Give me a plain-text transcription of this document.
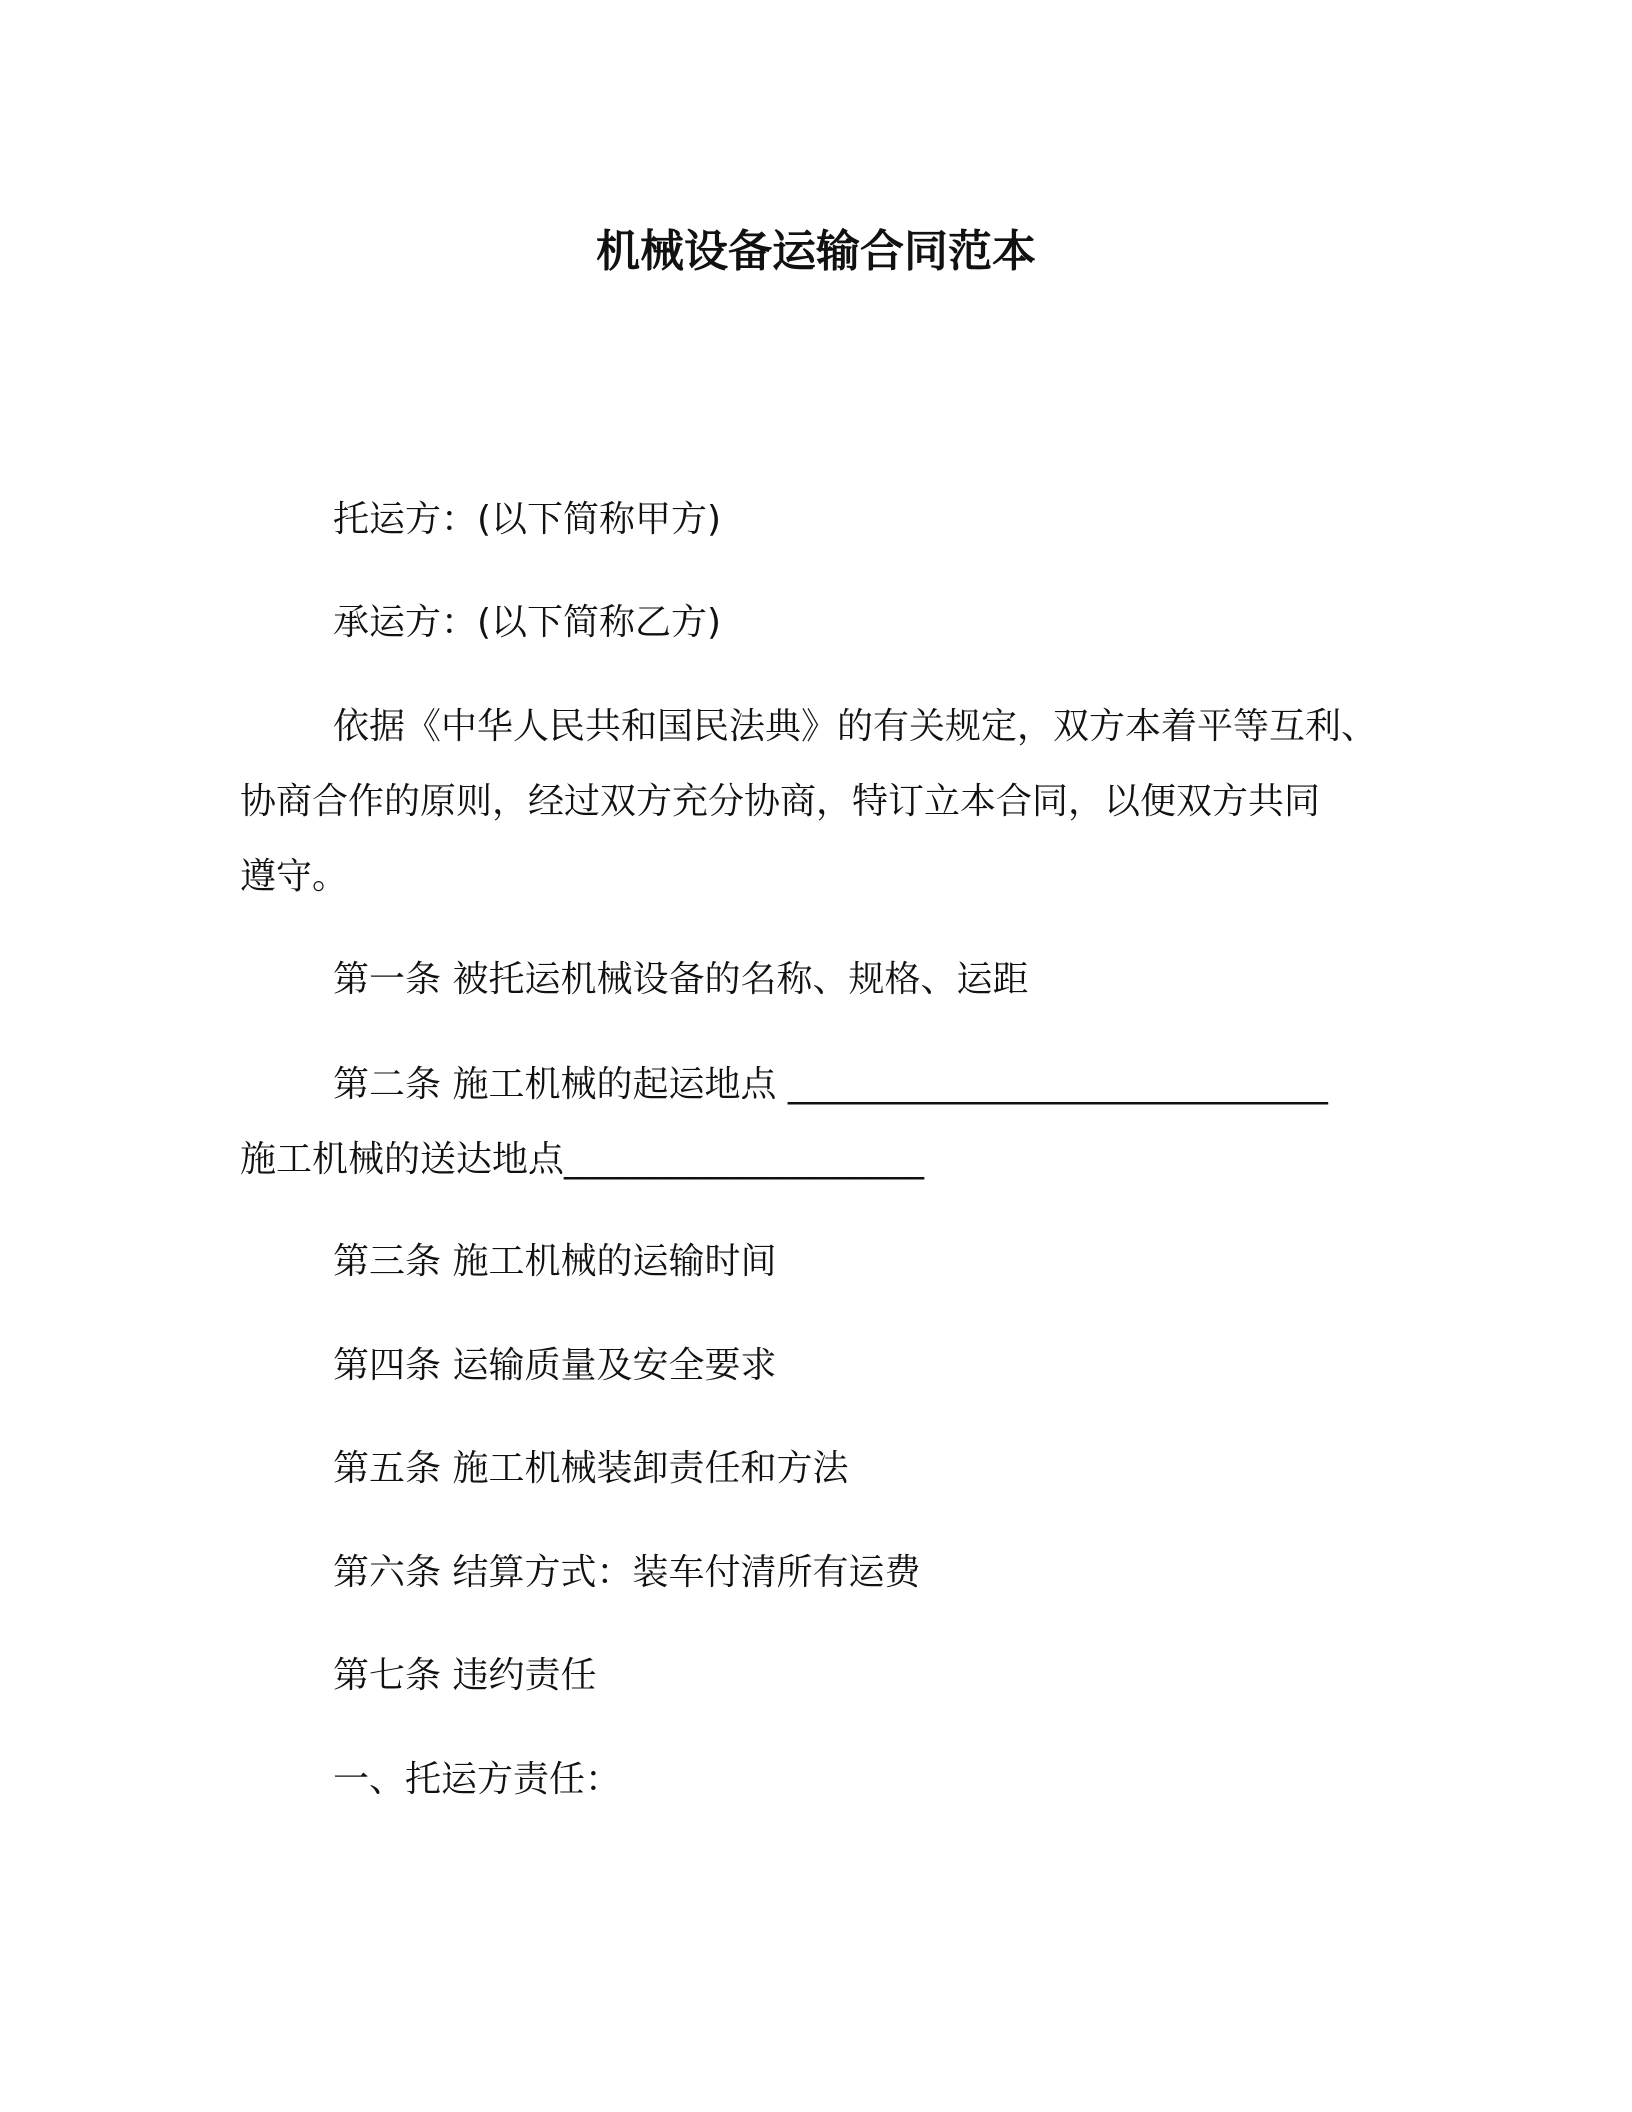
机械设备运输合同范本
托运方：(以下简称甲方)
承运方：(以下简称乙方)
依据《中华人民共和国民法典》的有关规定，双方本着平等互利、
协商合作的原则，经过双方充分协商，特订立本合同，以便双方共同
遵守。
第一条 被托运机械设备的名称、规格、运距
第二条 施工机械的起运地点 ______________________________
施工机械的送达地点____________________
第三条 施工机械的运输时间
第四条 运输质量及安全要求
第五条 施工机械装卸责任和方法
第六条 结算方式：装车付清所有运费
第七条 违约责任
一、托运方责任：
